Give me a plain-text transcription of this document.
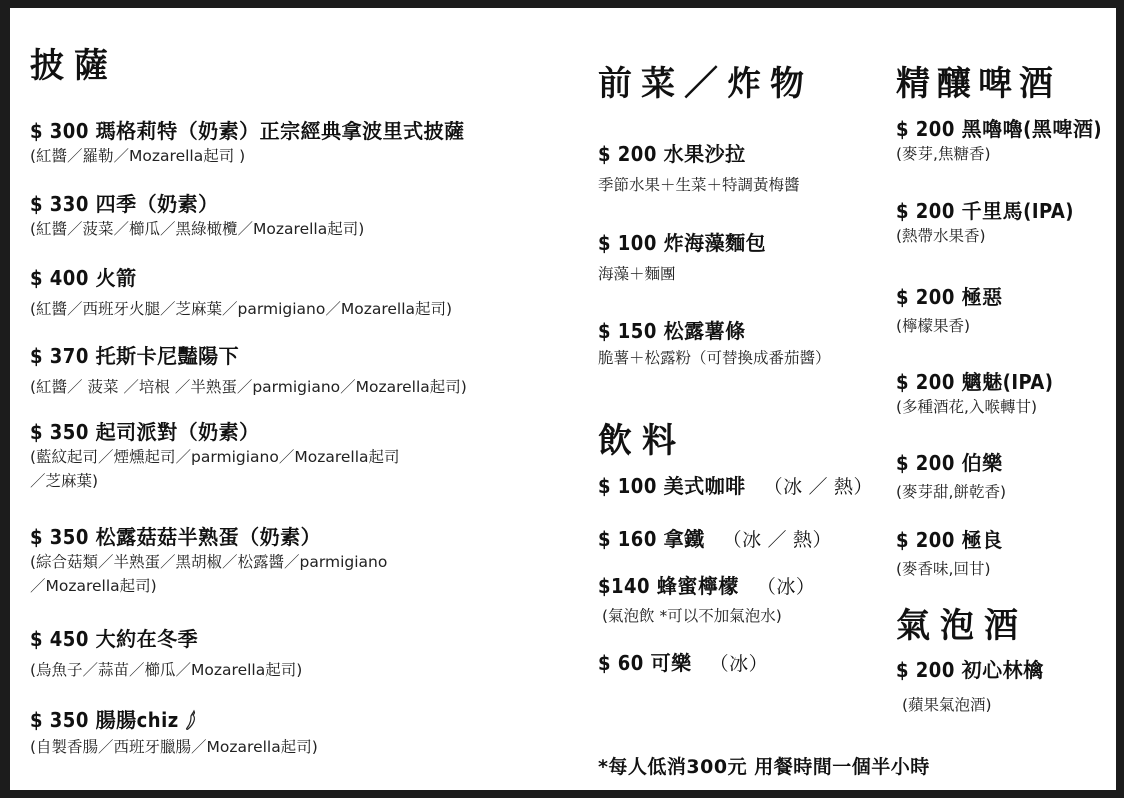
披薩
$ 300 瑪格莉特（奶素）正宗經典拿波里式披薩
(紅醬／羅勒／Mozarella起司 )
$ 330 四季（奶素）
(紅醬／菠菜／櫛瓜／黑綠橄欖／Mozarella起司)
$ 400 火箭
(紅醬／西班牙火腿／芝麻葉／parmigiano／Mozarella起司)
$ 370 托斯卡尼豔陽下
(紅醬／ 菠菜 ／培根 ／半熟蛋／parmigiano／Mozarella起司)
$ 350 起司派對（奶素）
(藍紋起司／煙燻起司／parmigiano／Mozarella起司
／芝麻葉)
$ 350 松露菇菇半熟蛋（奶素）
(綜合菇類／半熟蛋／黑胡椒／松露醬／parmigiano
／Mozarella起司)
$ 450 大約在冬季
(烏魚子／蒜苗／櫛瓜／Mozarella起司)
$ 350 腸腸chiz
(自製香腸／西班牙臘腸／Mozarella起司)
前菜／炸物
$ 200 水果沙拉
季節水果＋生菜＋特調黃梅醬
$ 100 炸海藻麵包
海藻＋麵團
$ 150 松露薯條
脆薯＋松露粉（可替換成番茄醬）
飲料
$ 100 美式咖啡 （冰 ／ 熱）
$ 160 拿鐵 （冰 ／ 熱）
$140 蜂蜜檸檬 （冰）
(氣泡飲 *可以不加氣泡水)
$ 60 可樂 （冰）
精釀啤酒
$ 200 黑嚕嚕(黑啤酒)
(麥芽,焦糖香)
$ 200 千里馬(IPA)
(熱帶水果香)
$ 200 極惡
(檸檬果香)
$ 200 魑魅(IPA)
(多種酒花,入喉轉甘)
$ 200 伯樂
(麥芽甜,餅乾香)
$ 200 極良
(麥香味,回甘)
氣泡酒
$ 200 初心林檎
(蘋果氣泡酒)
*每人低消300元 用餐時間一個半小時
